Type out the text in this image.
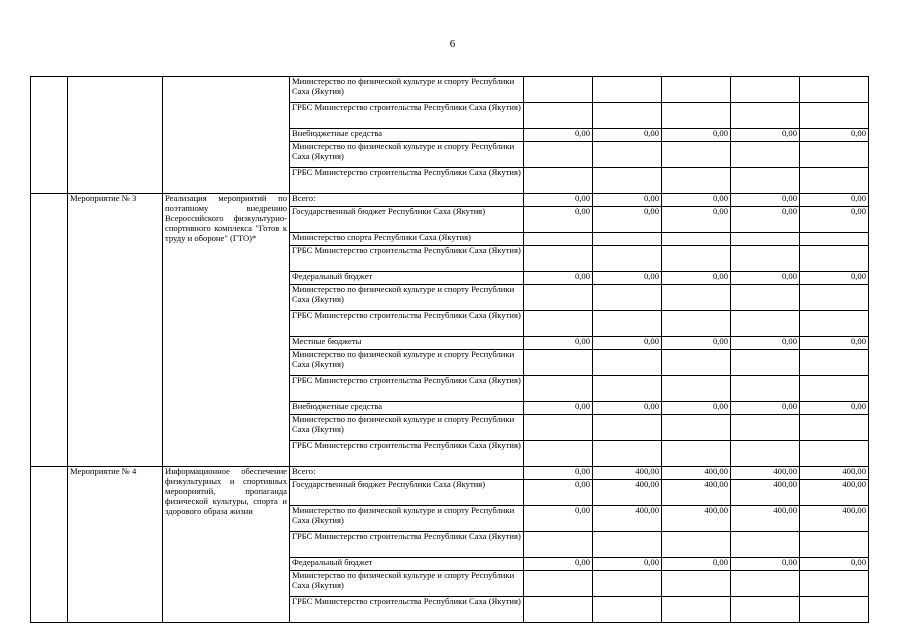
6
			Министерство по физической культуре и спорту Республики Саха (Якутия)					
			ГРБС Министерство строительства Республики Саха (Якутия)					
			Внебюджетные средства	0,00	0,00	0,00	0,00	0,00
			Министерство по физической культуре и спорту Республики Саха (Якутия)					
			ГРБС Министерство строительства Республики Саха (Якутия)					
	Мероприятие № 3	Реализация мероприятий по поэтапному внедрению Всероссийского физкультурно-спортивного комплекса "Готов к труду и обороне" (ГТО)*	Всего:	0,00	0,00	0,00	0,00	0,00
			Государственный бюджет Республики Саха (Якутия)	0,00	0,00	0,00	0,00	0,00
			Министерство спорта Республики Саха (Якутия)					
			ГРБС Министерство строительства Республики Саха (Якутия)					
			Федеральный бюджет	0,00	0,00	0,00	0,00	0,00
			Министерство по физической культуре и спорту Республики Саха (Якутия)					
			ГРБС Министерство строительства Республики Саха (Якутия)					
			Местные бюджеты	0,00	0,00	0,00	0,00	0,00
			Министерство по физической культуре и спорту Республики Саха (Якутия)					
			ГРБС Министерство строительства Республики Саха (Якутия)					
			Внебюджетные средства	0,00	0,00	0,00	0,00	0,00
			Министерство по физической культуре и спорту Республики Саха (Якутия)					
			ГРБС Министерство строительства Республики Саха (Якутия)					
	Мероприятие № 4	Информационное обеспечение физкультурных и спортивных мероприятий, пропаганда физической культуры, спорта и здорового образа жизни	Всего:	0,00	400,00	400,00	400,00	400,00
			Государственный бюджет Республики Саха (Якутия)	0,00	400,00	400,00	400,00	400,00
			Министерство по физической культуре и спорту Республики Саха (Якутия)	0,00	400,00	400,00	400,00	400,00
			ГРБС Министерство строительства Республики Саха (Якутия)					
			Федеральный бюджет	0,00	0,00	0,00	0,00	0,00
			Министерство по физической культуре и спорту Республики Саха (Якутия)					
			ГРБС Министерство строительства Республики Саха (Якутия)					
